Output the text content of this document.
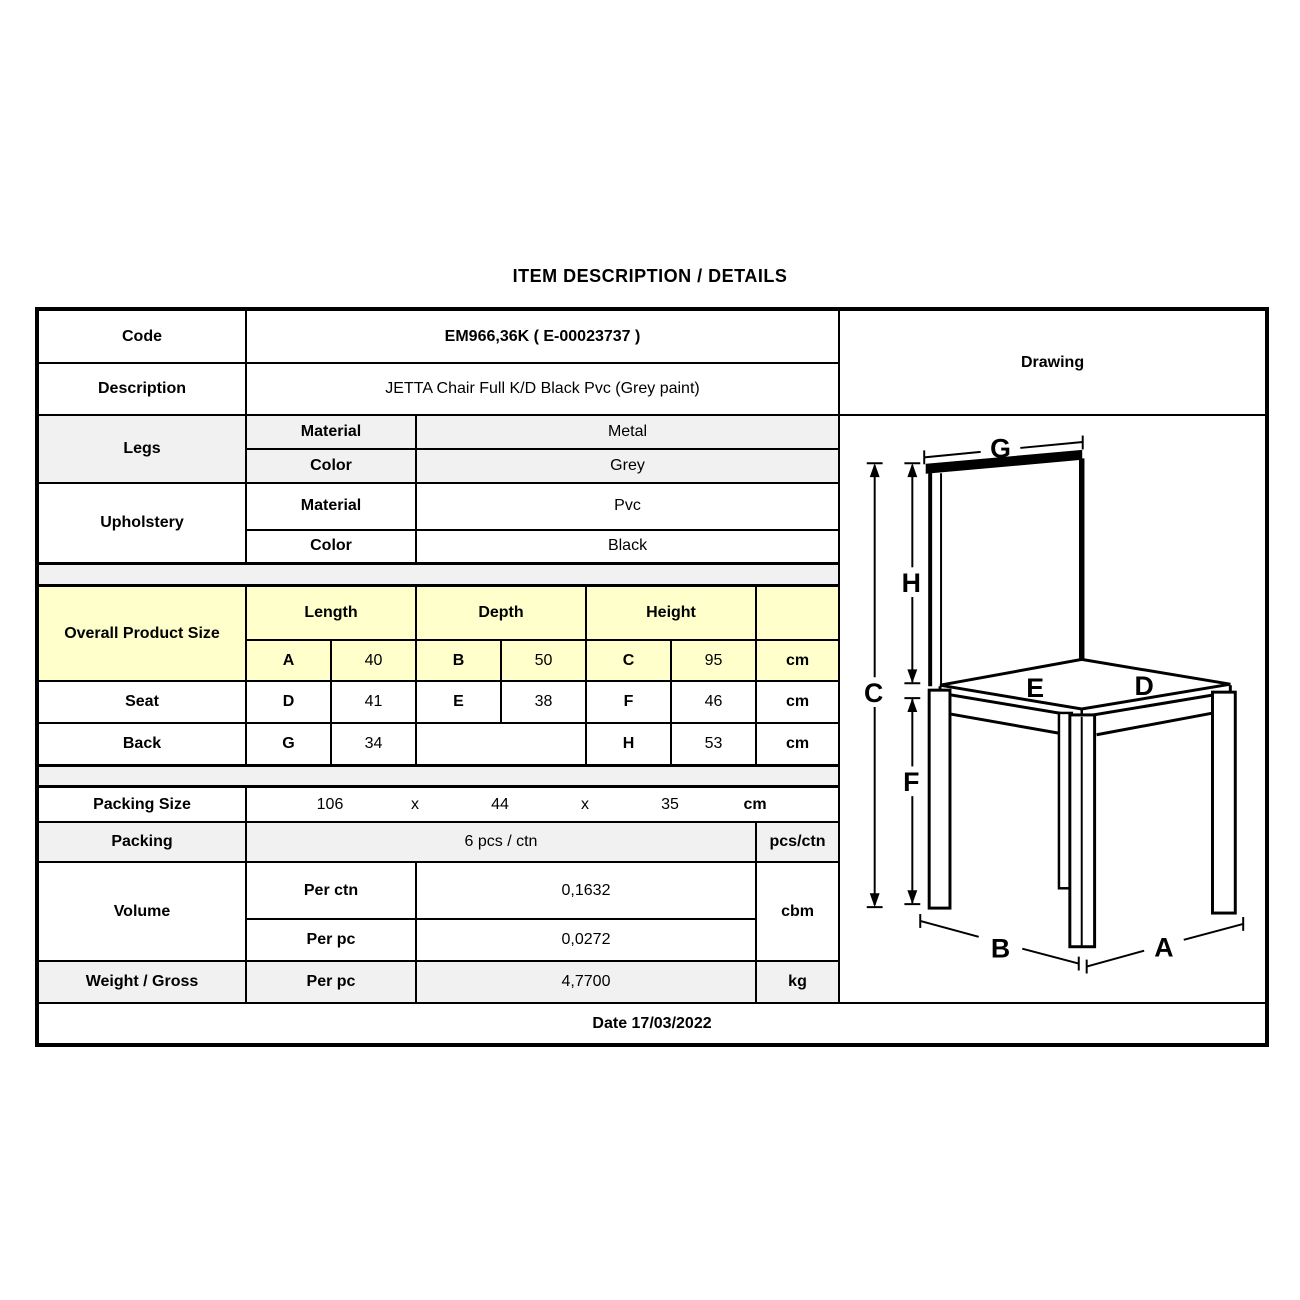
ITEM DESCRIPTION / DETAILS
Code	EM966,36K ( E-00023737 )							Drawing
Description	JETTA Chair Full K/D Black Pvc (Grey paint)							
Legs	Material	Metal	
G
H
C	E	D
F
B	A

	Color		Grey					
Upholstery	Material		Pvc					
	Color		Black					

Overall Product Size	Length		Depth		Height			
	A	40	B	50	C	95	cm	
Seat	D	41	E	38	F	46	cm	
Back	G	34			H	53	cm	

Packing Size	106 x 44 x 35 cm							
Packing	6 pcs / ctn						pcs/ctn	
Volume	Per ctn		0,1632				cbm	
	Per pc		0,0272					
Weight / Gross	Per pc		4,7700				kg	
Date 17/03/2022								
